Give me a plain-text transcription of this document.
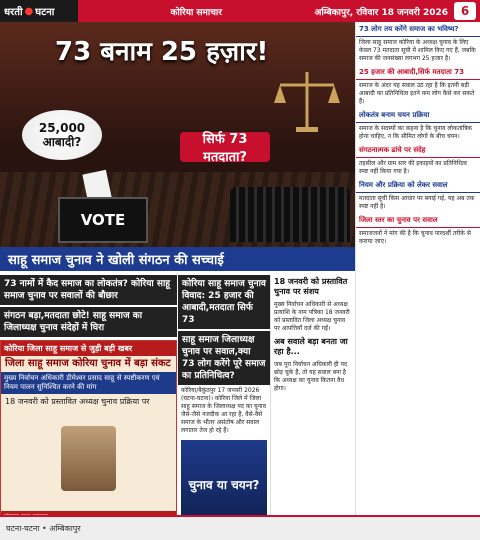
धरती ● घटना	कोरिया समाचार	अम्बिकापुर, रविवार 18 जनवरी 2026	6
VOTE
73 बनाम 25 हज़ार!
25,000 आबादी?	सिर्फ 73 मतदाता?
साहू समाज चुनाव ने खोली संगठन की सच्चाई
73 नामों में कैद समाज का लोकतंत्र? कोरिया साहू समाज चुनाव पर सवालों की बौछार
संगठन बड़ा,मतदाता छोटे! साहू समाज का जिलाध्यक्ष चुनाव संदेहों में घिरा
कोरिया जिला साहू समाज से जुड़ी बड़ी खबर
जिला साहू समाज कोरिया चुनाव में बड़ा संकट
मुख्य निर्वाचन अधिकारी डीमेश्वर प्रसाद साहू से स्पष्टीकरण एवं नियम पालन सुनिश्चित करने की मांग
18 जनवरी को प्रस्तावित अध्यक्ष चुनाव प्रक्रिया पर
कोरिया साहू समाज चुनाव विवाद: 25 हजार की आबादी,मतदाता सिर्फ 73
साहू समाज जिलाध्यक्ष चुनाव पर सवाल,क्या 73 लोग करेंगे पूरे समाज का प्रतिनिधित्व?
कोरिया/बैकुंठपुर 17 जनवरी 2026 (घटना-घटना)। कोरिया जिले में जिला साहू समाज के जिलाध्यक्ष पद का चुनाव जैसे-जैसे नजदीक आ रहा है, वैसे-वैसे समाज के भीतर असंतोष और सवाल लगातार तेज हो रहे हैं।
चुनाव या चयन?
18 जनवरी को प्रस्तावित चुनाव पर संशय
मुख्य निर्वाचन अधिकारी से अध्यक्ष प्रत्याशि के नाम पत्रिका 18 जनवरी को प्रस्तावित जिला अध्यक्ष चुनाव पर आपत्तियाँ दर्ज की गईं।
अब सवाले बड़ा बनता जा रहा है...
जब पूरा निर्वाचन अधिकारी ही पद छोड़ चुके हैं, तो यह सवाल बना है कि अध्यक्ष का चुनाव कितना वैध होगा।
73 लोग तय करेंगे समाज का भविष्य?
जिला साहू समाज कोरिया के अध्यक्ष चुनाव के लिए केवल 73 मतदाता सूची में शामिल किए गए हैं, जबकि समाज की जनसंख्या लगभग 25 हजार है।
25 हजार की आबादी,सिर्फ मतदाता 73
समाज के अंदर यह सवाल उठ रहा है कि इतनी बड़ी आबादी का प्रतिनिधित्व इतने कम लोग कैसे कर सकते हैं।
लोकतंत्र बनाम चयन प्रक्रिया
समाज के सदस्यों का कहना है कि चुनाव लोकतांत्रिक होना चाहिए, न कि सीमित लोगों के बीच चयन।
संगठनात्मक ढांचे पर संदेह
तहसील और ग्राम स्तर की इकाइयों का प्रतिनिधित्व स्पष्ट नहीं किया गया है।
नियम और प्रक्रिया को लेकर सवाल
मतदाता सूची किस आधार पर बनाई गई, यह अब तक स्पष्ट नहीं है।
जिला स्तर का चुनाव पर सवाल
समाजजनों ने मांग की है कि चुनाव पारदर्शी तरीके से कराया जाए।
घटना-घटना • अम्बिकापुर
